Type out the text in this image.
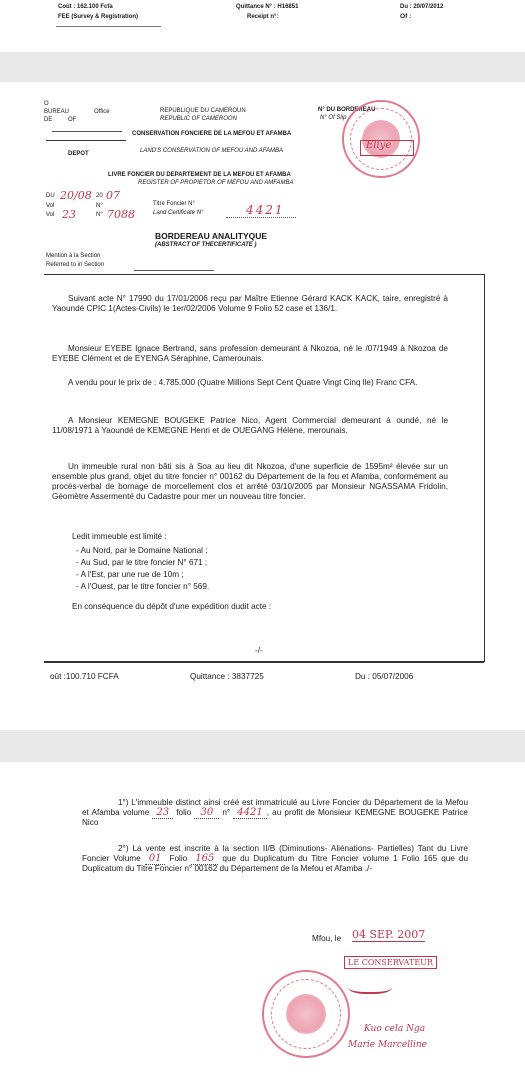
Coût : 162.100 Fcfa
FEE (Survey & Registration)
Quittance N° : H16851
Receipt n°:
Du : 20/07/2012
Of :
O
BUREAU
DE
Office
OF
REPUBLIQUE DU CAMEROUN
REPUBLIC OF CAMEROON
N° DU BORDEREAU
N° Of Slip
CONSERVATION FONCIERE DE LA MEFOU ET AFAMBA
LAND'S CONSERVATION OF MEFOU AND AFAMBA
DEPOT
Eliye
LIVRE FONCIER DU DEPARTEMENT DE LA MEFOU ET AFAMBA
REGISTER OF PROPIETOR OF MEFOU AND AMFAMBA
DU 20/08 20 07
Vol	N°
Vol 23	N° 7088
Titre Foncier N°
Land Certificate N°	4421
BORDEREAU ANALITYQUE
(ABSTRACT OF THECERTIFICATE )
Mention à la Section
Referred to in Section
Suivant acte N° 17990 du 17/01/2006 reçu par Maître Etienne Gérard KACK KACK, taire, enregistré à Yaoundé CPIC 1(Actes-Civils) le 1er/02/2006 Volume 9 Folio 52 case et 136/1.
Monsieur EYEBE Ignace Bertrand, sans profession demeurant à Nkozoa, né le /07/1949 à Nkozoa de EYEBE Clément et de EYENGA Séraphine, Camerounais.
A vendu pour le prix de : 4.785.000 (Quatre Millions Sept Cent Quatre Vingt Cinq lle) Franc CFA.
A Monsieur KEMEGNE BOUGEKE Patrice Nico, Agent Commercial demeurant à oundé, né le 11/08/1971 à Yaoundé de KEMEGNE Henri et de OUEGANG Hélène, merounais.
Un immeuble rural non bâti sis à Soa au lieu dit Nkozoa, d'une superficie de 1595m² élevée sur un ensemble plus grand, objet du titre foncier n° 00162 du Département de la fou et Afamba, conformément au procès-verbal de bornage de morcellement clos et arrêté 03/10/2005 par Monsieur NGASSAMA Fridolin, Géomètre Assermenté du Cadastre pour mer un nouveau titre foncier.
Ledit immeuble est limité :
- Au Nord, par le Domaine National ;
- Au Sud, par le titre foncier N° 671 ;
- A l'Est, par une rue de 10m ;
- A l'Ouest, par le titre foncier n° 569.
En conséquence du dépôt d'une expédition dudit acte :
-/-
oût :100.710 FCFA	Quittance : 3837725	Du : 05/07/2006
1°) L'immeuble distinct ainsi créé est immatriculé au Livre Foncier du Département de la Mefou et Afamba volume 23 folio 30 n° 4421 , au profit de Monsieur KEMEGNE BOUGEKE Patrice Nico
2°) La vente est inscrite à la section II/B (Diminutions- Aliénations- Partielles) Tant du Livre Foncier Volume 01 Folio 165 que du Duplicatum du Titre Foncier volume 1 Folio 165 que du Duplicatum du Titre Foncier n° 00162 du Département de la Mefou et Afamba ./-
Mfou, le 04 SEP. 2007
LE CONSERVATEUR
Kuo cela Nga
Marie Marcelline
